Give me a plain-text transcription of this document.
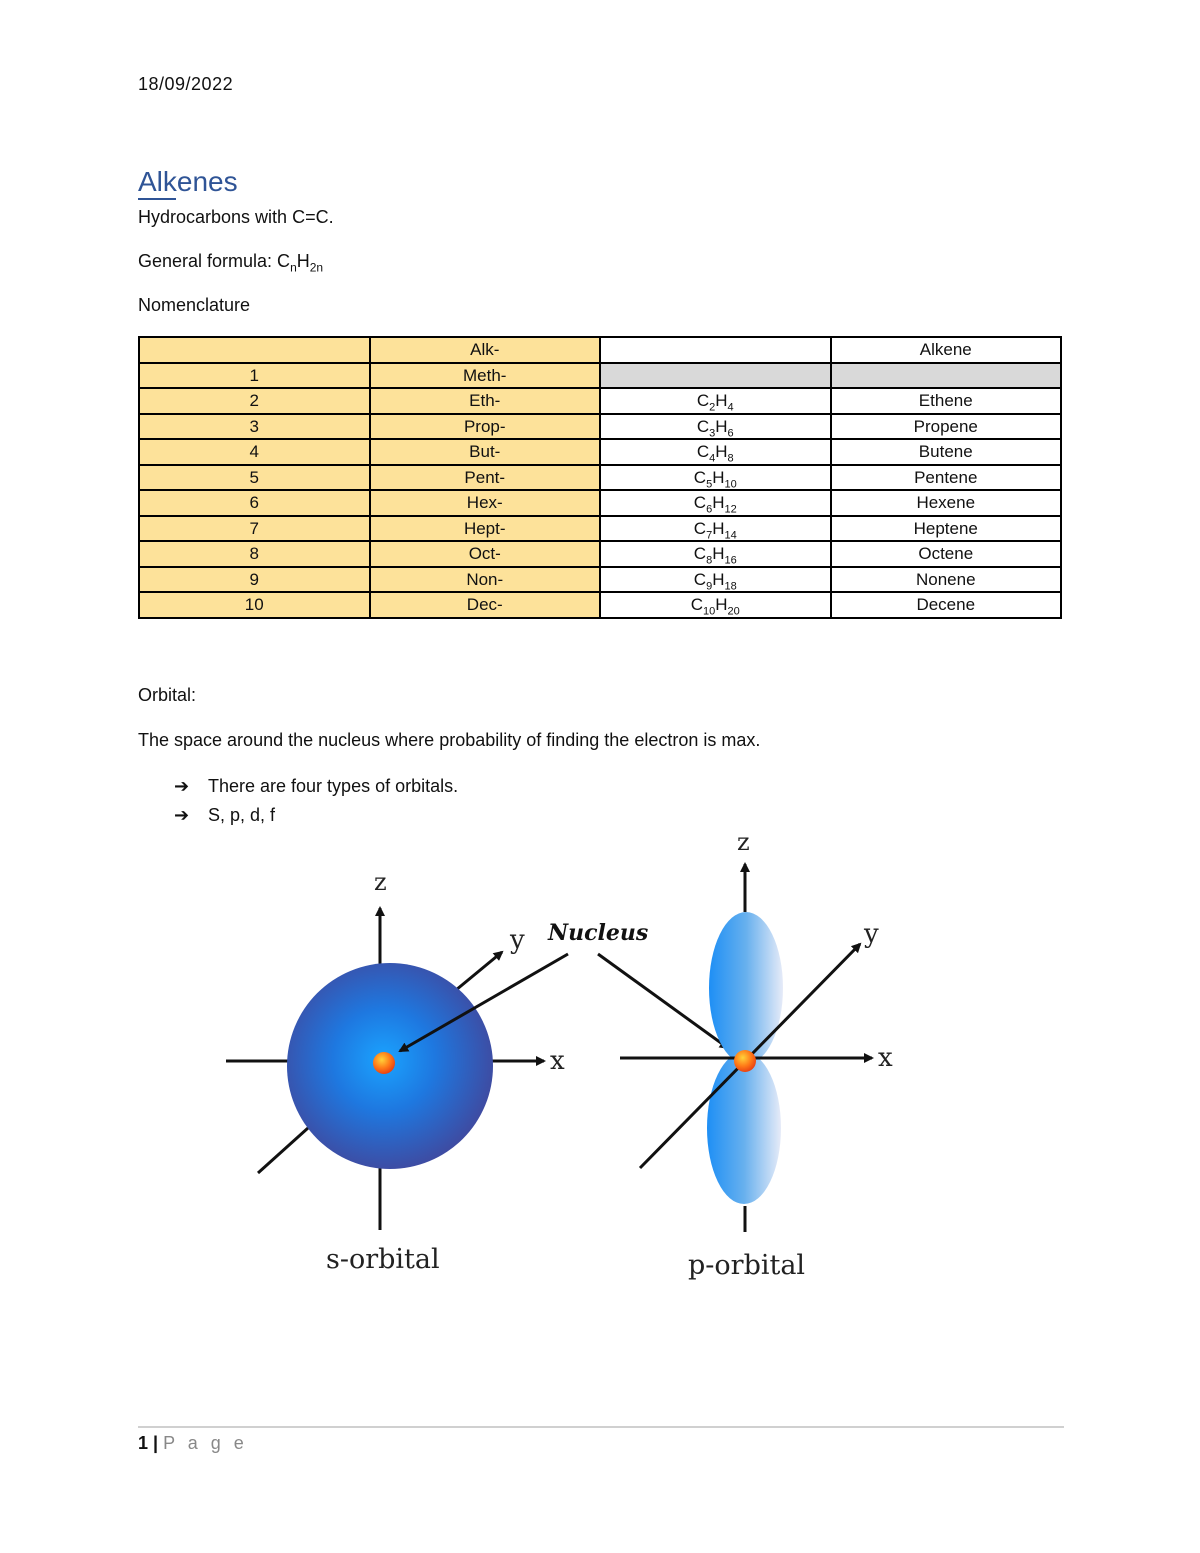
18/09/2022
Alkenes
Hydrocarbons with C=C.
General formula: $C_nH_{2n}$
Nomenclature
	Alk-		Alkene
1	Meth-		
2	Eth-	$C_2H_4$	Ethene
3	Prop-	$C_3H_6$	Propene
4	But-	$C_4H_8$	Butene
5	Pent-	$C_5H_{10}$	Pentene
6	Hex-	$C_6H_{12}$	Hexene
7	Hept-	$C_7H_{14}$	Heptene
8	Oct-	$C_8H_{16}$	Octene
9	Non-	$C_9H_{18}$	Nonene
10	Dec-	$C_{10}H_{20}$	Decene
Orbital:
The space around the nucleus where probability of finding the electron is max.
➔	There are four types of orbitals.
➔	S, p, d, f
z
y
x
s-orbital
Nucleus
z
y
x
p-orbital
1 | P a g e
